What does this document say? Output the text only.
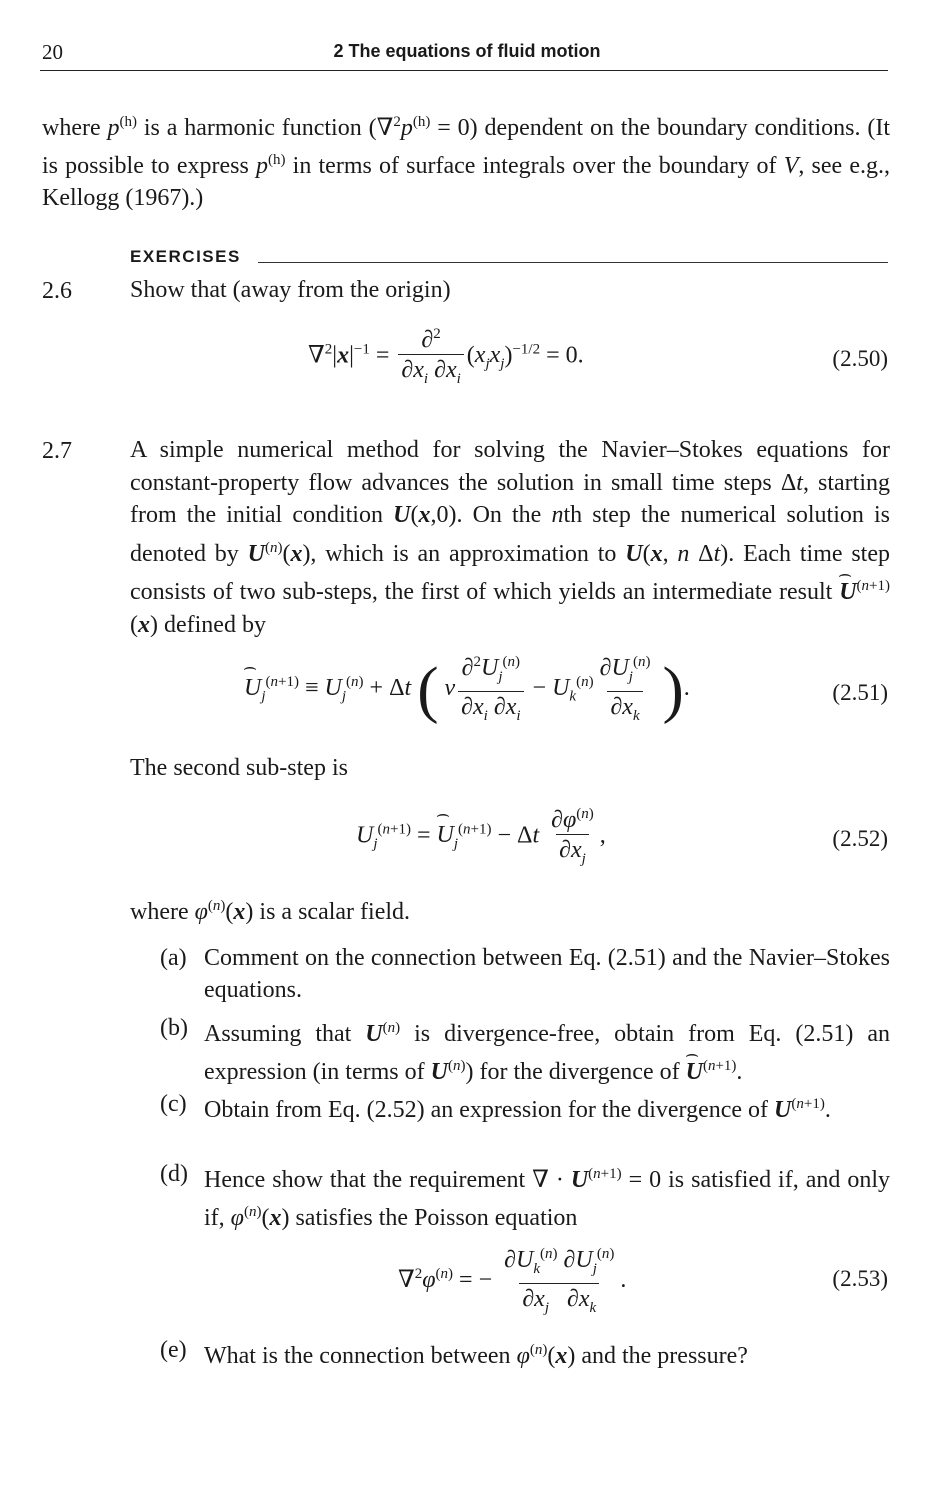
20	2 The equations of fluid motion
where $p^{(h)}$ is a harmonic function $(\nabla^2p^{(h)} = 0)$ dependent on the boundary conditions. (It is possible to express $p^{(h)}$ in terms of surface integrals over the boundary of V, see e.g., Kellogg (1967).)
EXERCISES
2.6 Show that (away from the origin)
$\nabla^2|x|^{-1} = \frac{\partial^2}{\partial x_i \partial x_i} (x_jx_j)^{-1/2} = 0$.	(2.50)
2.7 A simple numerical method for solving the Navier–Stokes equations for constant-property flow advances the solution in small time steps Δt, starting from the initial condition U(x,0). On the nth step the numerical solution is denoted by $U^{(n)}(x)$, which is an approximation to U(x, n Δt). Each time step consists of two sub-steps, the first of which yields an intermediate result ⌢ $U^{(n+1)}(x)$ defined by
⌢ $U_j^{(n+1)} \equiv U_j^{(n)} + \Delta t$ ( ν $\frac{\partial^2U_j^{(n)}}{\partial x_i \partial x_i} - U_k^{(n)} \frac{\partial U_j^{(n)}}{\partial x_k}$ ).	(2.51)
The second sub-step is
$U_j^{(n+1)}$ = ⌢ $U_j^{(n+1)} - \Delta t \frac{\partial\varphi^{(n)}}{\partial x_j}$ ,	(2.52)
where $\varphi^{(n)}(x)$ is a scalar field.
(a) Comment on the connection between Eq. (2.51) and the Navier–Stokes equations.
(b) Assuming that $U^{(n)}$ is divergence-free, obtain from Eq. (2.51) an expression (in terms of $U^{(n)}$) for the divergence of ⌢ $U^{(n+1)}$.
(c) Obtain from Eq. (2.52) an expression for the divergence of $U^{(n+1)}$.
(d) Hence show that the requirement ∇ · $U^{(n+1)} = 0$ is satisfied if, and only if, $\varphi^{(n)}(x)$ satisfies the Poisson equation
$\nabla^2\varphi^{(n)}$ = − $\frac{\partial U_k^{(n)} \partial U_j^{(n)}}{\partial x_j \partial x_k}$ .	(2.53)
(e) What is the connection between $\varphi^{(n)}(x)$ and the pressure?
